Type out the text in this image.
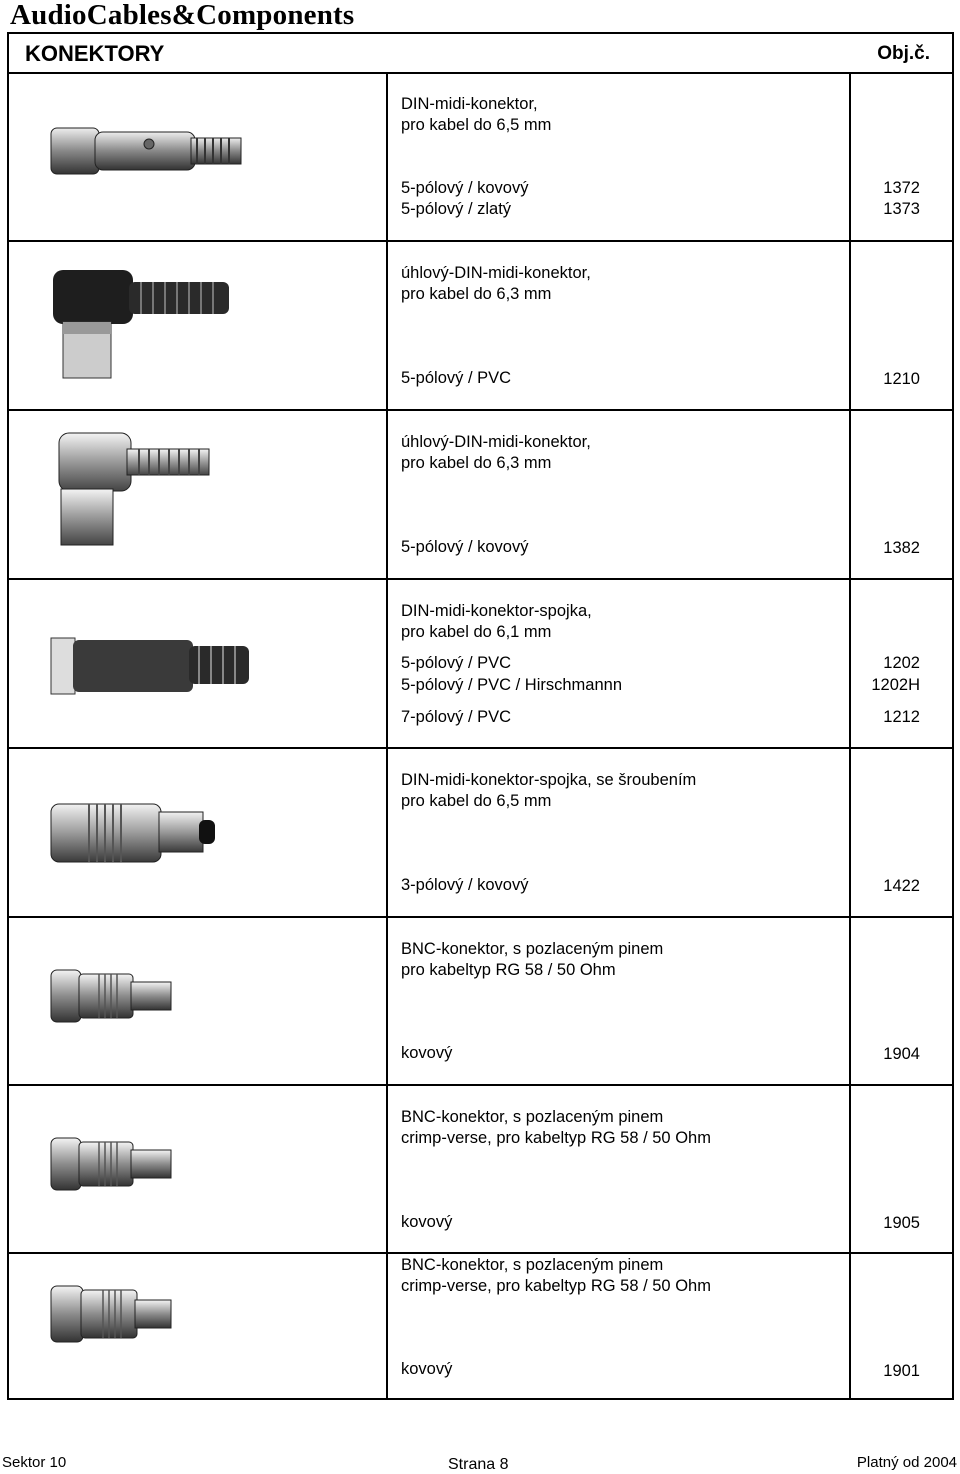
AudioCables&Components
KONEKTORY	Obj.č.
DIN-midi-konektor,
pro kabel do 6,5 mm
5-pólový / kovový	1372
5-pólový / zlatý	1373
úhlový-DIN-midi-konektor,
pro kabel do 6,3 mm
5-pólový / PVC	1210
úhlový-DIN-midi-konektor,
pro kabel do 6,3 mm
5-pólový / kovový	1382
DIN-midi-konektor-spojka,
pro kabel do 6,1 mm
5-pólový / PVC	1202
5-pólový / PVC / Hirschmannn	1202H
7-pólový / PVC	1212
DIN-midi-konektor-spojka, se šroubením
pro kabel do 6,5 mm
3-pólový / kovový	1422
BNC-konektor, s pozlaceným pinem
pro kabeltyp RG 58 / 50 Ohm
kovový	1904
BNC-konektor, s pozlaceným pinem
crimp-verse, pro kabeltyp RG 58 / 50 Ohm
kovový	1905
BNC-konektor, s pozlaceným pinem
crimp-verse, pro kabeltyp RG 58 / 50 Ohm
kovový	1901
Sektor 10	Strana 8	Platný od 2004
